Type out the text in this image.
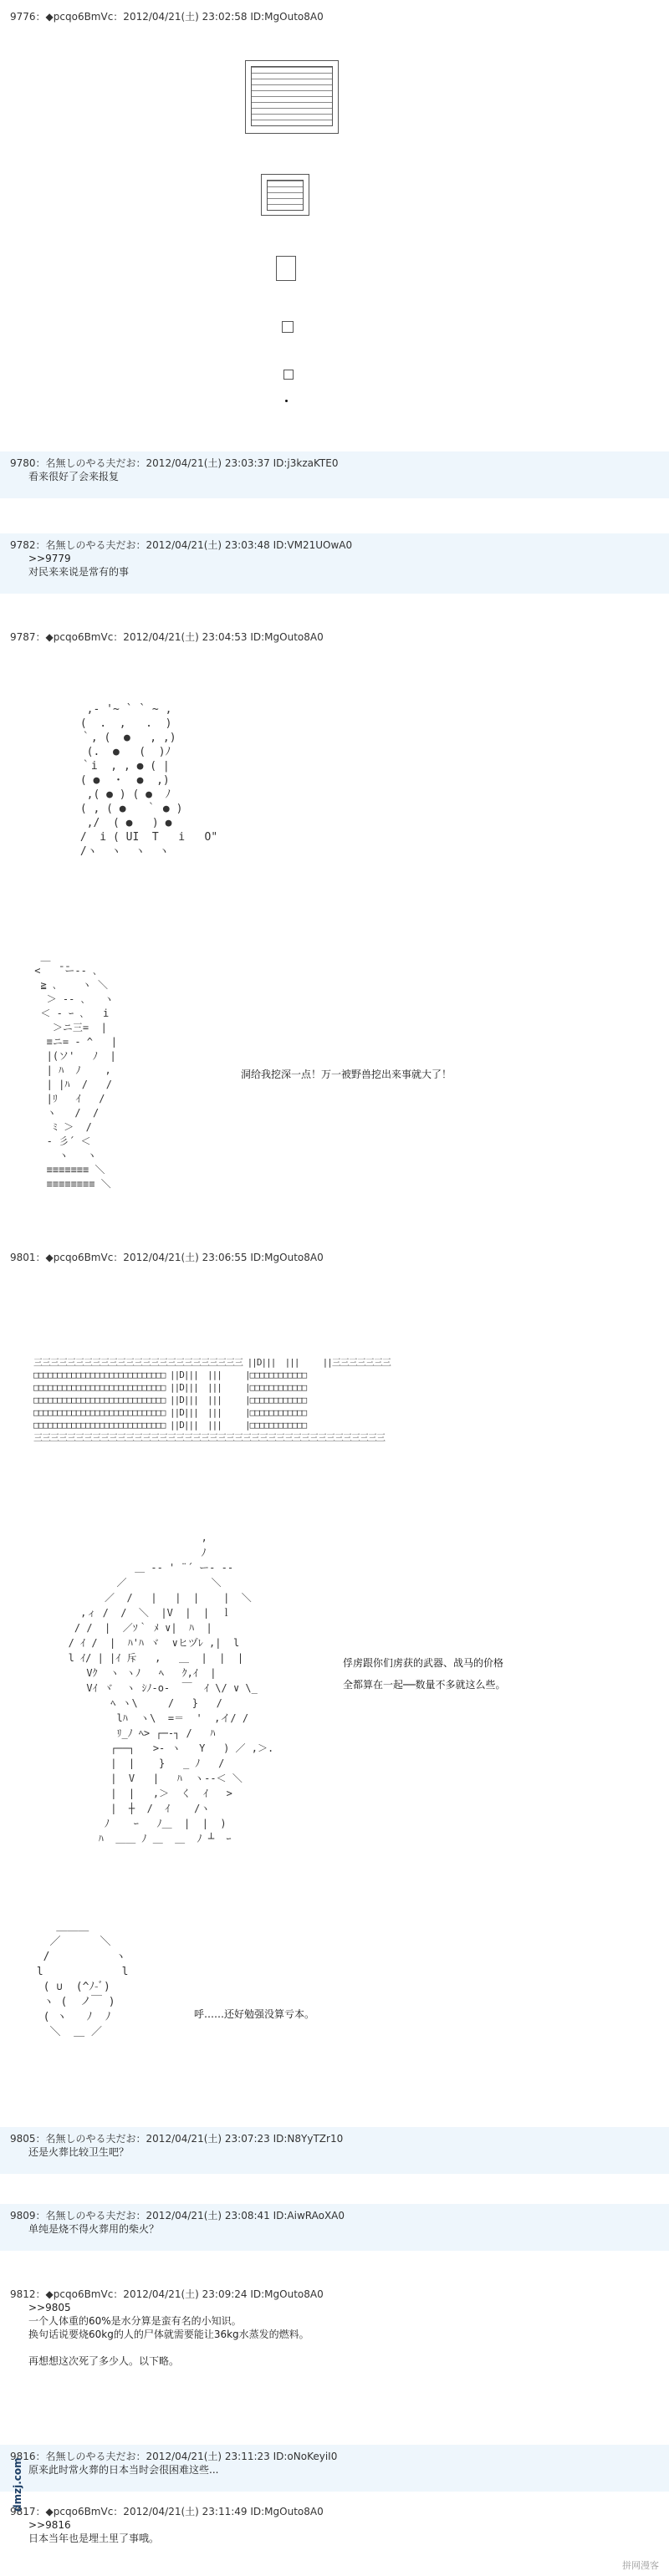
9776：◆pcqo6BmVc：2012/04/21(土) 23:02:58 ID:MgOuto8A0
9780：名無しのやる夫だお：2012/04/21(土) 23:03:37 ID:j3kzaKTE0
看来很好了会来报复
9782：名無しのやる夫だお：2012/04/21(土) 23:03:48 ID:VM21UOwA0
>>9779
对民来来说是常有的事
9787：◆pcqo6BmVc：2012/04/21(土) 23:04:53 ID:MgOuto8A0
,- '~ ` ` ~ ,
(  .  ,   .  )
｀, (  ●   , ,)
(.  ●   (  )ﾉ
｀i  , , ● ( |
( ●  ・  ●  ,)
,( ● ) ( ●  ﾉ
( , ( ●   ｀ ● )
,/  ( ●   ) ●
/  i ( UI  T   i   O"
/ヽ  ヽ  ヽ  ヽ
＿
<   ̄ ̄ー-- ､
≧ ､    ヽ ＼
＞ ‐- ､   ヽ
＜ ‐ ｰ ､   i
＞ニ三=  |
≡ニ= ‐ ^   |
|(ソ'   ﾉ  |
| ﾊ  ﾉ    ,
| |ﾊ  /   /
|ﾘ   ｲ   /
ヽ   /  /
ﾐ ＞  /
‐ 彡´ ＜
ヽ   ヽ
≡≡≡≡≡≡≡ ＼
≡≡≡≡≡≡≡≡ ＼
洞给我挖深一点！万一被野兽挖出来事就大了！
9801：◆pcqo6BmVc：2012/04/21(土) 23:06:55 ID:MgOuto8A0
三三三三三三三三三三三三三三三三三三三三三三三三三 ||D|||  |||     ||三三三三三三三
□□□□□□□□□□□□□□□□□□□□□□□□□□□□ ||D|||  |||     |□□□□□□□□□□□□
□□□□□□□□□□□□□□□□□□□□□□□□□□□□ ||D|||  |||     |□□□□□□□□□□□□
□□□□□□□□□□□□□□□□□□□□□□□□□□□□ ||D|||  |||     |□□□□□□□□□□□□
□□□□□□□□□□□□□□□□□□□□□□□□□□□□ ||D|||  |||     |□□□□□□□□□□□□
□□□□□□□□□□□□□□□□□□□□□□□□□□□□ ||D|||  |||     |□□□□□□□□□□□□
三三三三三三三三三三三三三三三三三三三三三三三三三三三三三三三三三三三三三三三三三三
,
ﾉ
＿ -‐ ' ¨´ ー‐ ‐-
／              ＼
／  /   |   |  |    |  ＼
,ィ /  /  ＼  |V  |  |  ｌ
/ /  |  ／ｿ｀ ﾒ ∨|  ﾊ  |
/ ｲ /  |  ﾊ'ﾊ ヾ  ∨ヒヅﾚ ,|  l
l ｲ/ | |ｲ 斥   ,   ＿  |  |  |
Vｸ  ヽ ヽﾉ   ﾍ   ｸ,ｲ  |
Vｲ ヾ  ヽ ｼﾉ-o-  ￣  ｲ \/ ∨ \_
ﾍ ヽ\     /   }   /
lﾊ  ヽ\  =＝  '  ,イ/ /
ﾘ_ﾉ ﾍ> ┌─‐┐ /   ﾊ
┌──┐   >- ヽ   Y   ) ／ ,＞.
|  |    }   _ ﾉ   /
|  V   |   ﾊ  ヽ-‐＜ ＼
|  |   ,＞  く  ｲ   >
|  ┼  /  ｲ    /ヽ
ﾉ    ｰ   ﾉ＿  |  |  )
ﾊ  ＿＿ ﾉ ＿  ＿  ﾉ ┴  ｰ
俘虏跟你们虏获的武器、战马的价格
全都算在一起──数量不多就这么些。
＿＿＿
／      ＼
/          ヽ
l            l
( ∪  (^ﾉ-ﾞ)
ヽ (  ノ￣ )
( ヽ   ﾉ  ﾉ
＼  ＿ ／
呼……还好勉强没算亏本。
9805：名無しのやる夫だお：2012/04/21(土) 23:07:23 ID:N8YyTZr10
还是火葬比较卫生吧？
9809：名無しのやる夫だお：2012/04/21(土) 23:08:41 ID:AiwRAoXA0
单纯是烧不得火葬用的柴火？
9812：◆pcqo6BmVc：2012/04/21(土) 23:09:24 ID:MgOuto8A0
>>9805
一个人体重的60%是水分算是蛮有名的小知识。
换句话说要烧60kg的人的尸体就需要能让36kg水蒸发的燃料。

再想想这次死了多少人。以下略。
9816：名無しのやる夫だお：2012/04/21(土) 23:11:23 ID:oNoKeyiI0
原来此时常火葬的日本当时会很困难这些...
9817：◆pcqo6BmVc：2012/04/21(土) 23:11:49 ID:MgOuto8A0
>>9816
日本当年也是埋土里了事哦。
dmzj.com
拼网漫客
